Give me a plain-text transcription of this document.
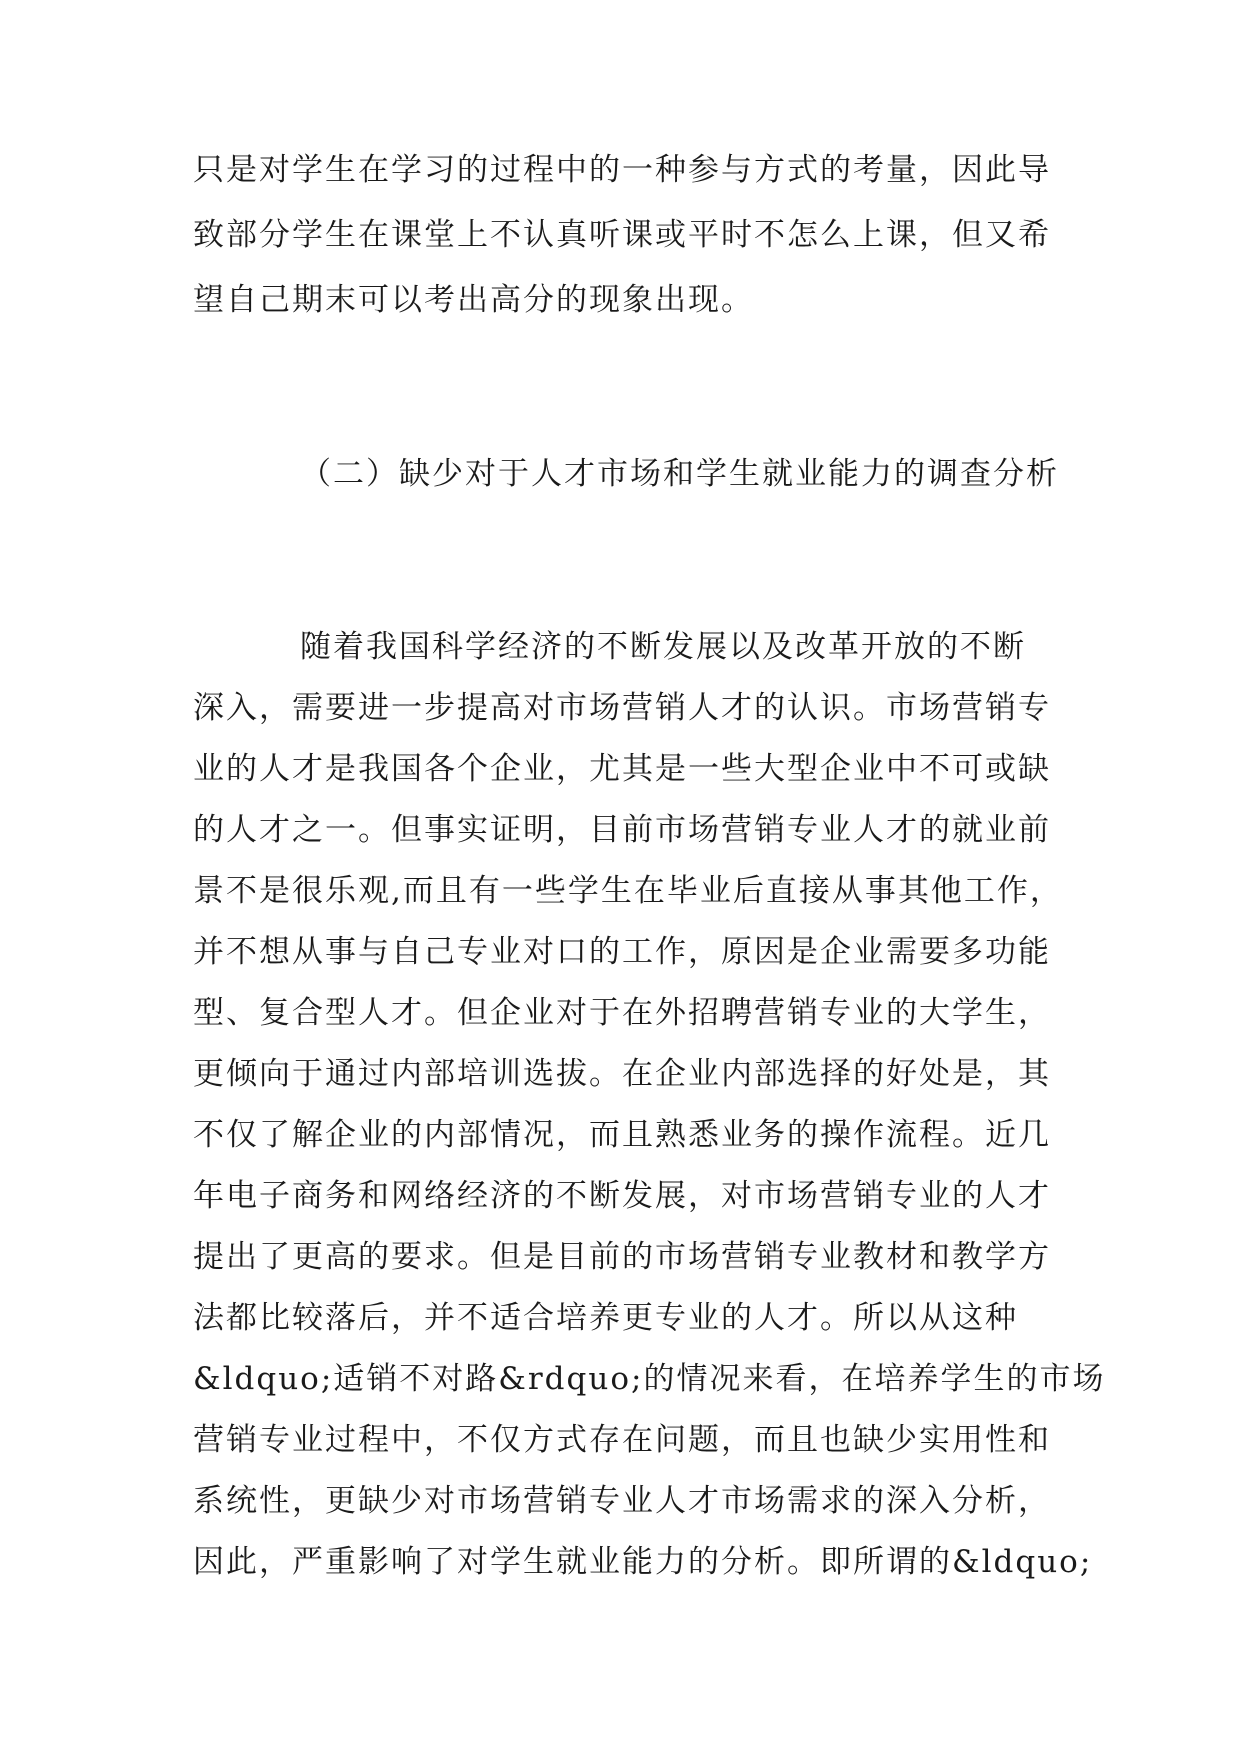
只是对学生在学习的过程中的一种参与方式的考量，因此导
致部分学生在课堂上不认真听课或平时不怎么上课，但又希
望自己期末可以考出高分的现象出现。
（二）缺少对于人才市场和学生就业能力的调查分析
随着我国科学经济的不断发展以及改革开放的不断
深入，需要进一步提高对市场营销人才的认识。市场营销专
业的人才是我国各个企业，尤其是一些大型企业中不可或缺
的人才之一。但事实证明，目前市场营销专业人才的就业前
景不是很乐观,而且有一些学生在毕业后直接从事其他工作，
并不想从事与自己专业对口的工作，原因是企业需要多功能
型、复合型人才。但企业对于在外招聘营销专业的大学生，
更倾向于通过内部培训选拔。在企业内部选择的好处是，其
不仅了解企业的内部情况，而且熟悉业务的操作流程。近几
年电子商务和网络经济的不断发展，对市场营销专业的人才
提出了更高的要求。但是目前的市场营销专业教材和教学方
法都比较落后，并不适合培养更专业的人才。所以从这种
&ldquo;适销不对路&rdquo;的情况来看，在培养学生的市场
营销专业过程中，不仅方式存在问题，而且也缺少实用性和
系统性，更缺少对市场营销专业人才市场需求的深入分析，
因此，严重影响了对学生就业能力的分析。即所谓的&ldquo;
